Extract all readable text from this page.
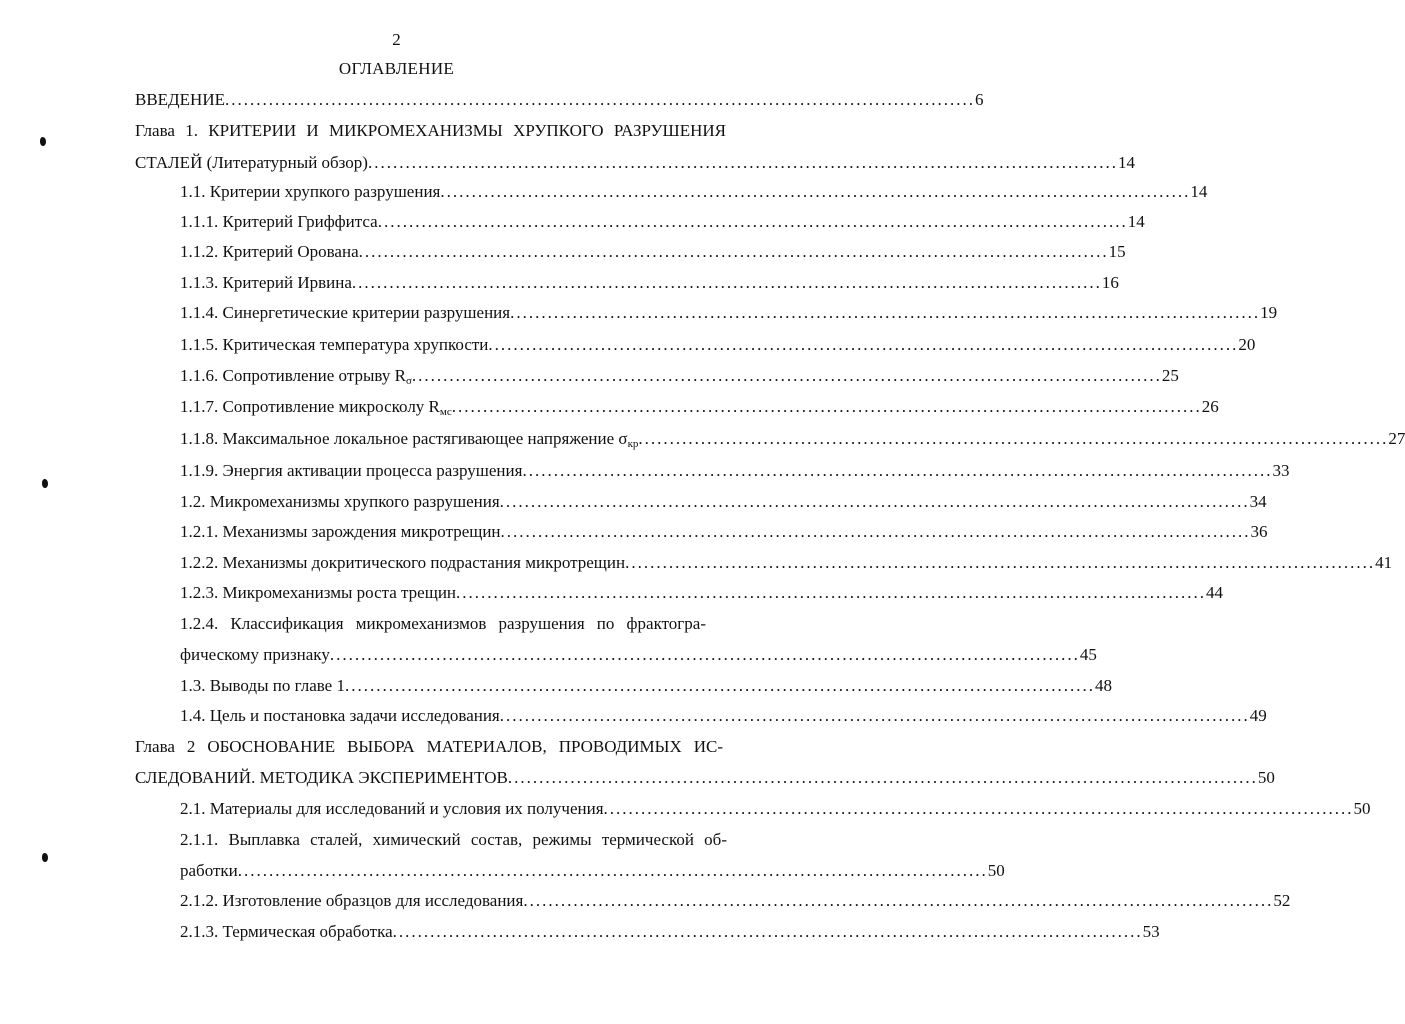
2
ОГЛАВЛЕНИЕ
ВВЕДЕНИЕ ........................................................................................................................ 6
Глава 1. КРИТЕРИИ И МИКРОМЕХАНИЗМЫ ХРУПКОГО РАЗРУШЕНИЯ
СТАЛЕЙ (Литературный обзор) ........................................................................................................................ 14
1.1. Критерии хрупкого разрушения ........................................................................................................................ 14
1.1.1. Критерий Гриффитса ........................................................................................................................ 14
1.1.2. Критерий Орована ........................................................................................................................ 15
1.1.3. Критерий Ирвина ........................................................................................................................ 16
1.1.4. Синергетические критерии разрушения ........................................................................................................................ 19
1.1.5. Критическая температура хрупкости ........................................................................................................................ 20
1.1.6. Сопротивление отрыву $R_\sigma$ ........................................................................................................................ 25
1.1.7. Сопротивление микросколу $R_{мс}$ ........................................................................................................................ 26
1.1.8. Максимальное локальное растягивающее напряжение $\sigma_{кр}$ ........................................................................................................................ 27
1.1.9. Энергия активации процесса разрушения ........................................................................................................................ 33
1.2. Микромеханизмы хрупкого разрушения ........................................................................................................................ 34
1.2.1. Механизмы зарождения микротрещин ........................................................................................................................ 36
1.2.2. Механизмы докритического подрастания микротрещин ........................................................................................................................ 41
1.2.3. Микромеханизмы роста трещин ........................................................................................................................ 44
1.2.4. Классификация микромеханизмов разрушения по фрактогра-
фическому признаку ........................................................................................................................ 45
1.3. Выводы по главе 1 ........................................................................................................................ 48
1.4. Цель и постановка задачи исследования ........................................................................................................................ 49
Глава 2 ОБОСНОВАНИЕ ВЫБОРА МАТЕРИАЛОВ, ПРОВОДИМЫХ ИС-
СЛЕДОВАНИЙ. МЕТОДИКА ЭКСПЕРИМЕНТОВ ........................................................................................................................ 50
2.1. Материалы для исследований и условия их получения ........................................................................................................................ 50
2.1.1. Выплавка сталей, химический состав, режимы термической об-
работки ........................................................................................................................ 50
2.1.2. Изготовление образцов для исследования ........................................................................................................................ 52
2.1.3. Термическая обработка ........................................................................................................................ 53
